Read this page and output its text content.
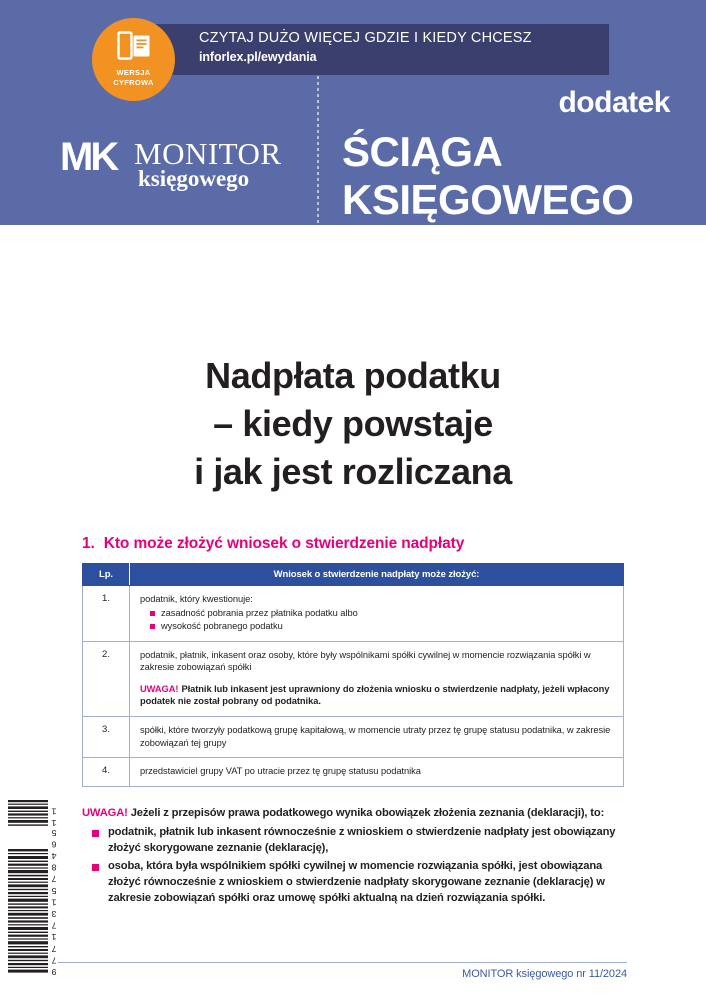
CZYTAJ DUŻO WIĘCEJ GDZIE I KIEDY CHCESZ
inforlex.pl/ewydania
WERSJA
CYFROWA
dodatek
ŚCIĄGA
KSIĘGOWEGO
MK MONITOR
księgowego
Nadpłata podatku
– kiedy powstaje
i jak jest rozliczana
1. Kto może złożyć wniosek o stwierdzenie nadpłaty
Lp.	Wniosek o stwierdzenie nadpłaty może złożyć:
1.	podatnik, który kwestionuje:

zasadność pobrania przez płatnika podatku albo
wysokość pobranego podatku

2.	podatnik, płatnik, inkasent oraz osoby, które były wspólnikami spółki cywilnej w momencie rozwiązania spółki w zakresie zobowiązań spółki

UWAGA! Płatnik lub inkasent jest uprawniony do złożenia wniosku o stwierdzenie nadpłaty, jeżeli wpłacony podatek nie został pobrany od podatnika.

3.	spółki, które tworzyły podatkową grupę kapitałową, w momencie utraty przez tę grupę statusu podatnika, w zakresie zobowiązań tej grupy

4.	przedstawiciel grupy VAT po utracie przez tę grupę statusu podatnika

UWAGA! Jeżeli z przepisów prawa podatkowego wynika obowiązek złożenia zeznania (deklaracji), to:

podatnik, płatnik lub inkasent równocześnie z wnioskiem o stwierdzenie nadpłaty jest obowiązany złożyć skorygowane zeznanie (deklarację),
osoba, która była wspólnikiem spółki cywilnej w momencie rozwiązania spółki, jest obowiązana złożyć równocześnie z wnioskiem o stwierdzenie nadpłaty skorygowane zeznanie (deklarację) w zakresie zobowiązań spółki oraz umowę spółki aktualną na dzień rozwiązania spółki.
MONITOR księgowego nr 11/2024
11
9771731578465
